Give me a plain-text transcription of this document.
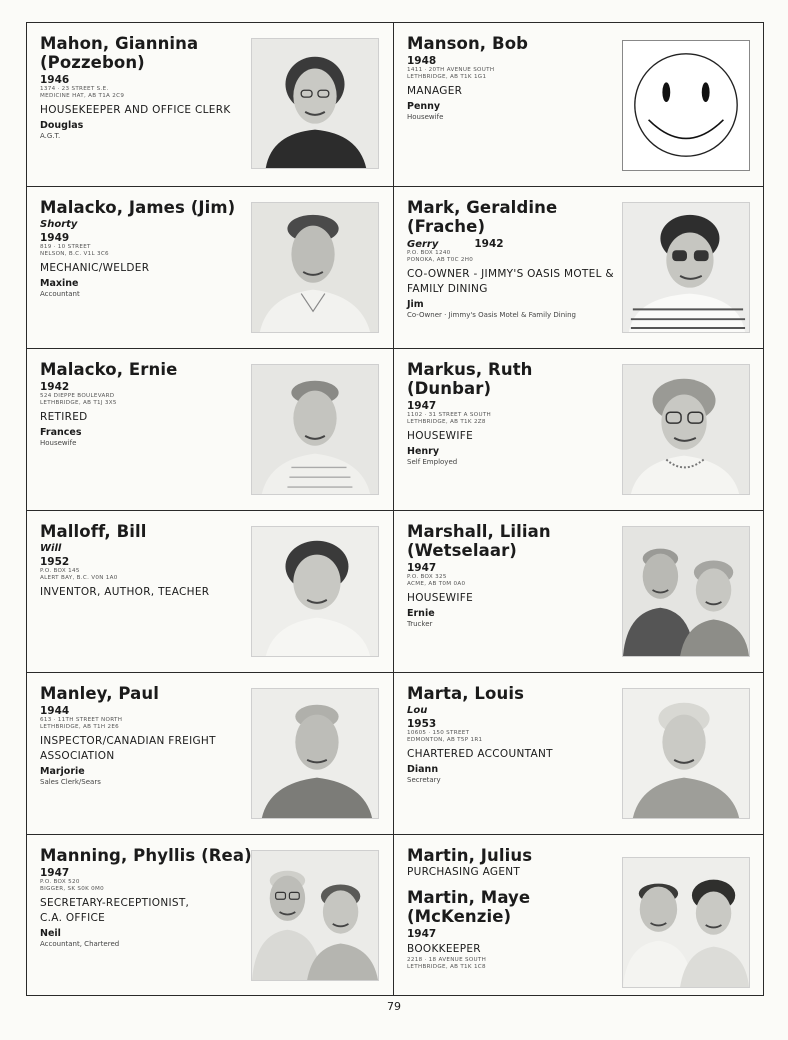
Mahon, Giannina (Pozzebon)
1946
1374 · 23 STREET S.E.
MEDICINE HAT, AB T1A 2C9
HOUSEKEEPER AND OFFICE CLERK
Douglas
A.G.T.
Manson, Bob
1948
1411 · 20TH AVENUE SOUTH
LETHBRIDGE, AB T1K 1G1
MANAGER
Penny
Housewife
Malacko, James (Jim)
Shorty
1949
819 · 10 STREET
NELSON, B.C. V1L 3C6
MECHANIC/WELDER
Maxine
Accountant
Mark, Geraldine (Frache)
Gerry	1942
P.O. BOX 1240
PONOKA, AB T0C 2H0
CO-OWNER - JIMMY'S OASIS MOTEL & FAMILY DINING
Jim
Co-Owner · Jimmy's Oasis Motel & Family Dining
Malacko, Ernie
1942
524 DIEPPE BOULEVARD
LETHBRIDGE, AB T1J 3X5
RETIRED
Frances
Housewife
Markus, Ruth (Dunbar)
1947
1102 · 31 STREET A SOUTH
LETHBRIDGE, AB T1K 2Z8
HOUSEWIFE
Henry
Self Employed
Malloff, Bill
Will
1952
P.O. BOX 145
ALERT BAY, B.C. V0N 1A0
INVENTOR, AUTHOR, TEACHER
Marshall, Lilian (Wetselaar)
1947
P.O. BOX 325
ACME, AB T0M 0A0
HOUSEWIFE
Ernie
Trucker
Manley, Paul
1944
613 · 11TH STREET NORTH
LETHBRIDGE, AB T1H 2E6
INSPECTOR/CANADIAN FREIGHT ASSOCIATION
Marjorie
Sales Clerk/Sears
Marta, Louis
Lou
1953
10605 · 150 STREET
EDMONTON, AB T5P 1R1
CHARTERED ACCOUNTANT
Diann
Secretary
Manning, Phyllis (Rea)
1947
P.O. BOX 520
BIGGER, SK S0K 0M0
SECRETARY-RECEPTIONIST, C.A. OFFICE
Neil
Accountant, Chartered
Martin, Julius
PURCHASING AGENT
Martin, Maye (McKenzie)
1947
BOOKKEEPER
2218 · 18 AVENUE SOUTH
LETHBRIDGE, AB T1K 1C8
79
